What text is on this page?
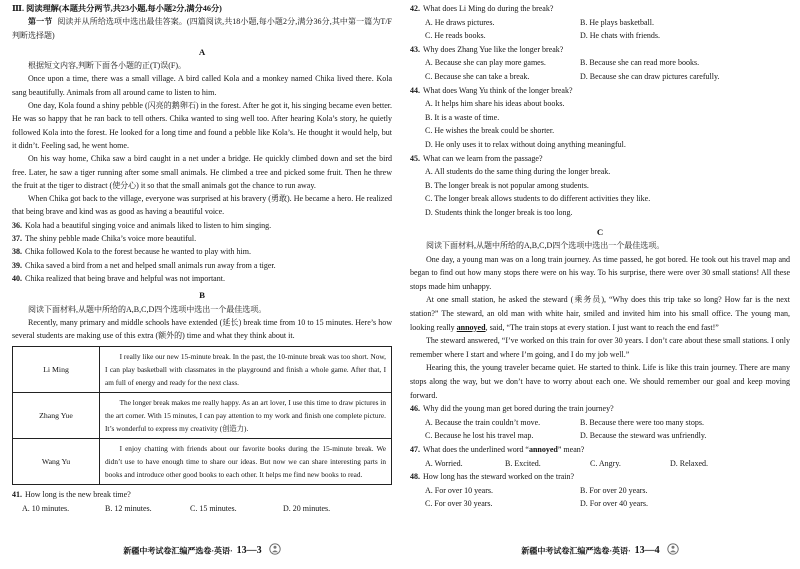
Ⅲ. 阅读理解(本题共分两节,共23小题,每小题2分,满分46分)

第一节 阅读并从所给选项中选出最佳答案。(四篇阅读,共18小题,每小题2分,满分36分,其中第一篇为T/F判断选择题)

A

根据短文内容,判断下面各小题的正(T)误(F)。

Once upon a time, there was a small village. A bird called Kola and a monkey named Chika lived there. Kola sang beautifully. Animals from all around came to listen to him.

One day, Kola found a shiny pebble (闪亮的鹅卵石) in the forest. After he got it, his singing became even better. He was so happy that he ran back to tell others. Chika wanted to sing well too. After hearing Kola’s story, he quietly followed Kola into the forest. He looked for a long time and found a pebble like Kola’s. He thought it would help, but it didn’t. Feeling sad, he went home.

On his way home, Chika saw a bird caught in a net under a bridge. He quickly climbed down and set the bird free. Later, he saw a tiger running after some small animals. He climbed a tree and picked some fruit. Then he threw the fruit at the tiger to distract (使分心) it so that the small animals got the chance to run away.

When Chika got back to the village, everyone was surprised at his bravery (勇敢). He became a hero. He realized that being brave and kind was as good as having a beautiful voice.

36. Kola had a beautiful singing voice and animals liked to listen to him singing.

37. The shiny pebble made Chika’s voice more beautiful.

38. Chika followed Kola to the forest because he wanted to play with him.

39. Chika saved a bird from a net and helped small animals run away from a tiger.

40. Chika realized that being brave and helpful was not important.

B

阅读下面材料,从题中所给的A,B,C,D四个选项中选出一个最佳选项。

Recently, many primary and middle schools have extended (延长) break time from 10 to 15 minutes. Here’s how several students are making use of this extra (额外的) time and what they think about it.

Li Ming	I really like our new 15-minute break. In the past, the 10-minute break was too short. Now, I can play basketball with classmates in the playground and finish a whole game. After that, I am full of energy and ready for the next class.
Zhang Yue	The longer break makes me really happy. As an art lover, I use this time to draw pictures in the art corner. With 15 minutes, I can pay attention to my work and finish one complete picture. It’s wonderful to express my creativity (创造力).
Wang Yu	I enjoy chatting with friends about our favorite books during the 15-minute break. We didn’t use to have enough time to share our ideas. But now we can share interesting parts in books and introduce other good books to each other. It helps me find new books to read.

41. How long is the new break time?

A. 10 minutes.	B. 12 minutes.	C. 15 minutes.	D. 20 minutes.
新疆中考试卷汇编严选卷·英语· 13—3

42. What does Li Ming do during the break?

A. He draws pictures.	B. He plays basketball.
C. He reads books.	D. He chats with friends.

43. Why does Zhang Yue like the longer break?

A. Because she can play more games.	B. Because she can read more books.
C. Because she can take a break.	D. Because she can draw pictures carefully.

44. What does Wang Yu think of the longer break?

A. It helps him share his ideas about books.
B. It is a waste of time.
C. He wishes the break could be shorter.
D. He only uses it to relax without doing anything meaningful.

45. What can we learn from the passage?

A. All students do the same thing during the longer break.
B. The longer break is not popular among students.
C. The longer break allows students to do different activities they like.
D. Students think the longer break is too long.

C

阅读下面材料,从题中所给的A,B,C,D四个选项中选出一个最佳选项。

One day, a young man was on a long train journey. As time passed, he got bored. He took out his travel map and began to find out how many stops there were on his way. To his surprise, there were over 30 small stations! All these stops made him unhappy.

At one small station, he asked the steward (乘务员), “Why does this trip take so long? How far is the next station?” The steward, an old man with white hair, smiled and invited him into his small office. The young man, looking really annoyed, said, “The train stops at every station. I just want to reach the end fast!”

The steward answered, “I’ve worked on this train for over 30 years. I don’t care about these small stations. I only remember where I start and where I’m going, and I do my job well.”

Hearing this, the young traveler became quiet. He started to think. Life is like this train journey. There are many stops along the way, but we don’t have to worry about each one. We should remember our goal and keep moving forward.

46. Why did the young man get bored during the train journey?

A. Because the train couldn’t move.	B. Because there were too many stops.
C. Because he lost his travel map.	D. Because the steward was unfriendly.

47. What does the underlined word “annoyed” mean?

A. Worried.	B. Excited.	C. Angry.	D. Relaxed.

48. How long has the steward worked on the train?

A. For over 10 years.	B. For over 20 years.
C. For over 30 years.	D. For over 40 years.
新疆中考试卷汇编严选卷·英语· 13—4
